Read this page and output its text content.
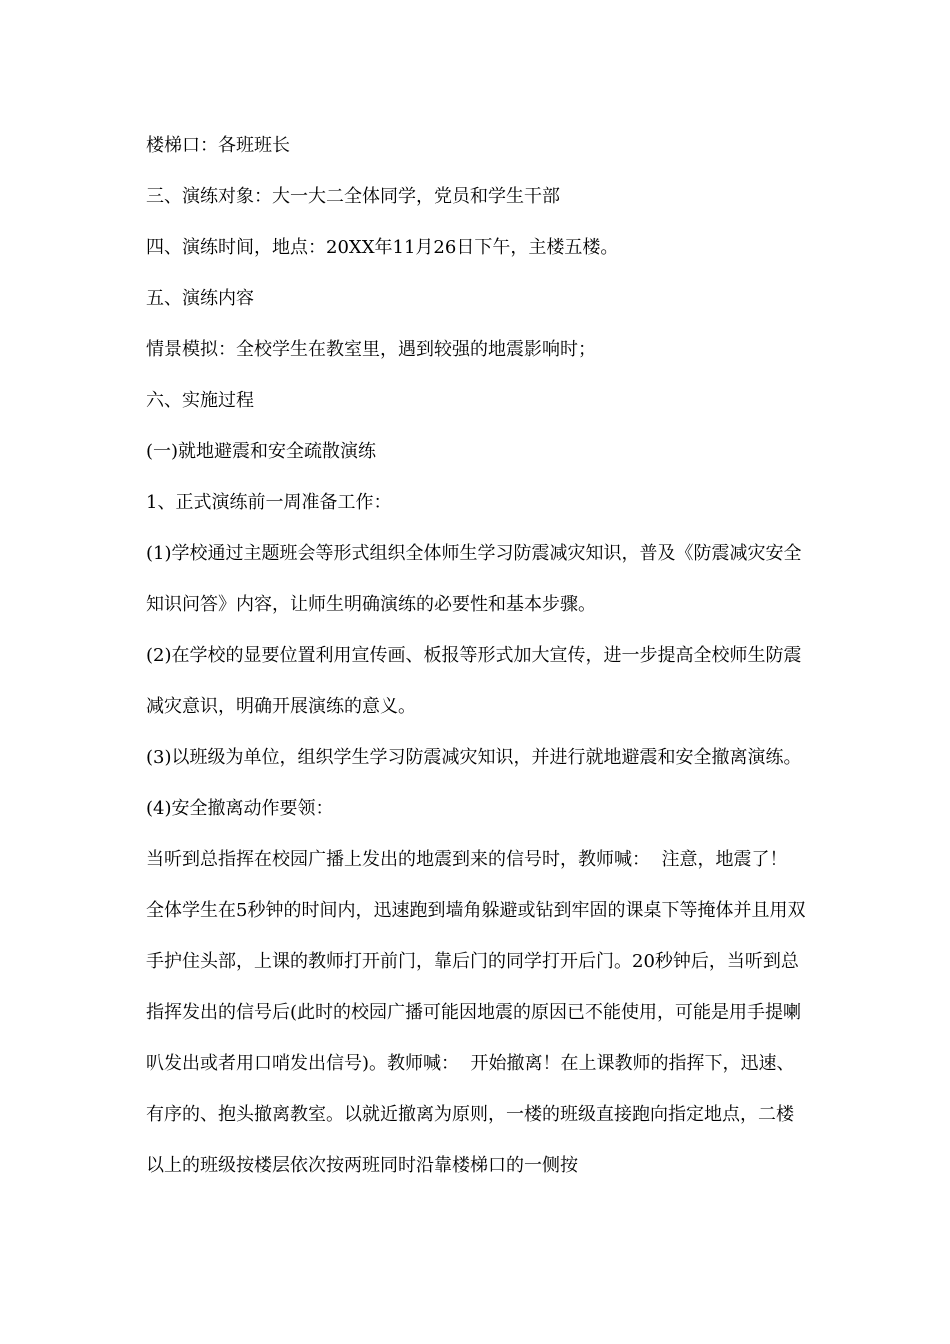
楼梯口：各班班长

三、演练对象：大一大二全体同学，党员和学生干部

四、演练时间，地点：20XX年11月26日下午，主楼五楼。

五、演练内容

情景模拟：全校学生在教室里，遇到较强的地震影响时；

六、实施过程

(一)就地避震和安全疏散演练

1、正式演练前一周准备工作：

(1)学校通过主题班会等形式组织全体师生学习防震减灾知识，普及《防震减灾安全知识问答》内容，让师生明确演练的必要性和基本步骤。

(2)在学校的显要位置利用宣传画、板报等形式加大宣传，进一步提高全校师生防震减灾意识，明确开展演练的意义。

(3)以班级为单位，组织学生学习防震减灾知识，并进行就地避震和安全撤离演练。

(4)安全撤离动作要领：

当听到总指挥在校园广播上发出的地震到来的信号时，教师喊：  注意，地震了！  全体学生在5秒钟的时间内，迅速跑到墙角躲避或钻到牢固的课桌下等掩体并且用双手护住头部，上课的教师打开前门，靠后门的同学打开后门。20秒钟后，当听到总指挥发出的信号后(此时的校园广播可能因地震的原因已不能使用，可能是用手提喇叭发出或者用口哨发出信号)。教师喊：  开始撤离！在上课教师的指挥下，迅速、有序的、抱头撤离教室。以就近撤离为原则，一楼的班级直接跑向指定地点，二楼以上的班级按楼层依次按两班同时沿靠楼梯口的一侧按
